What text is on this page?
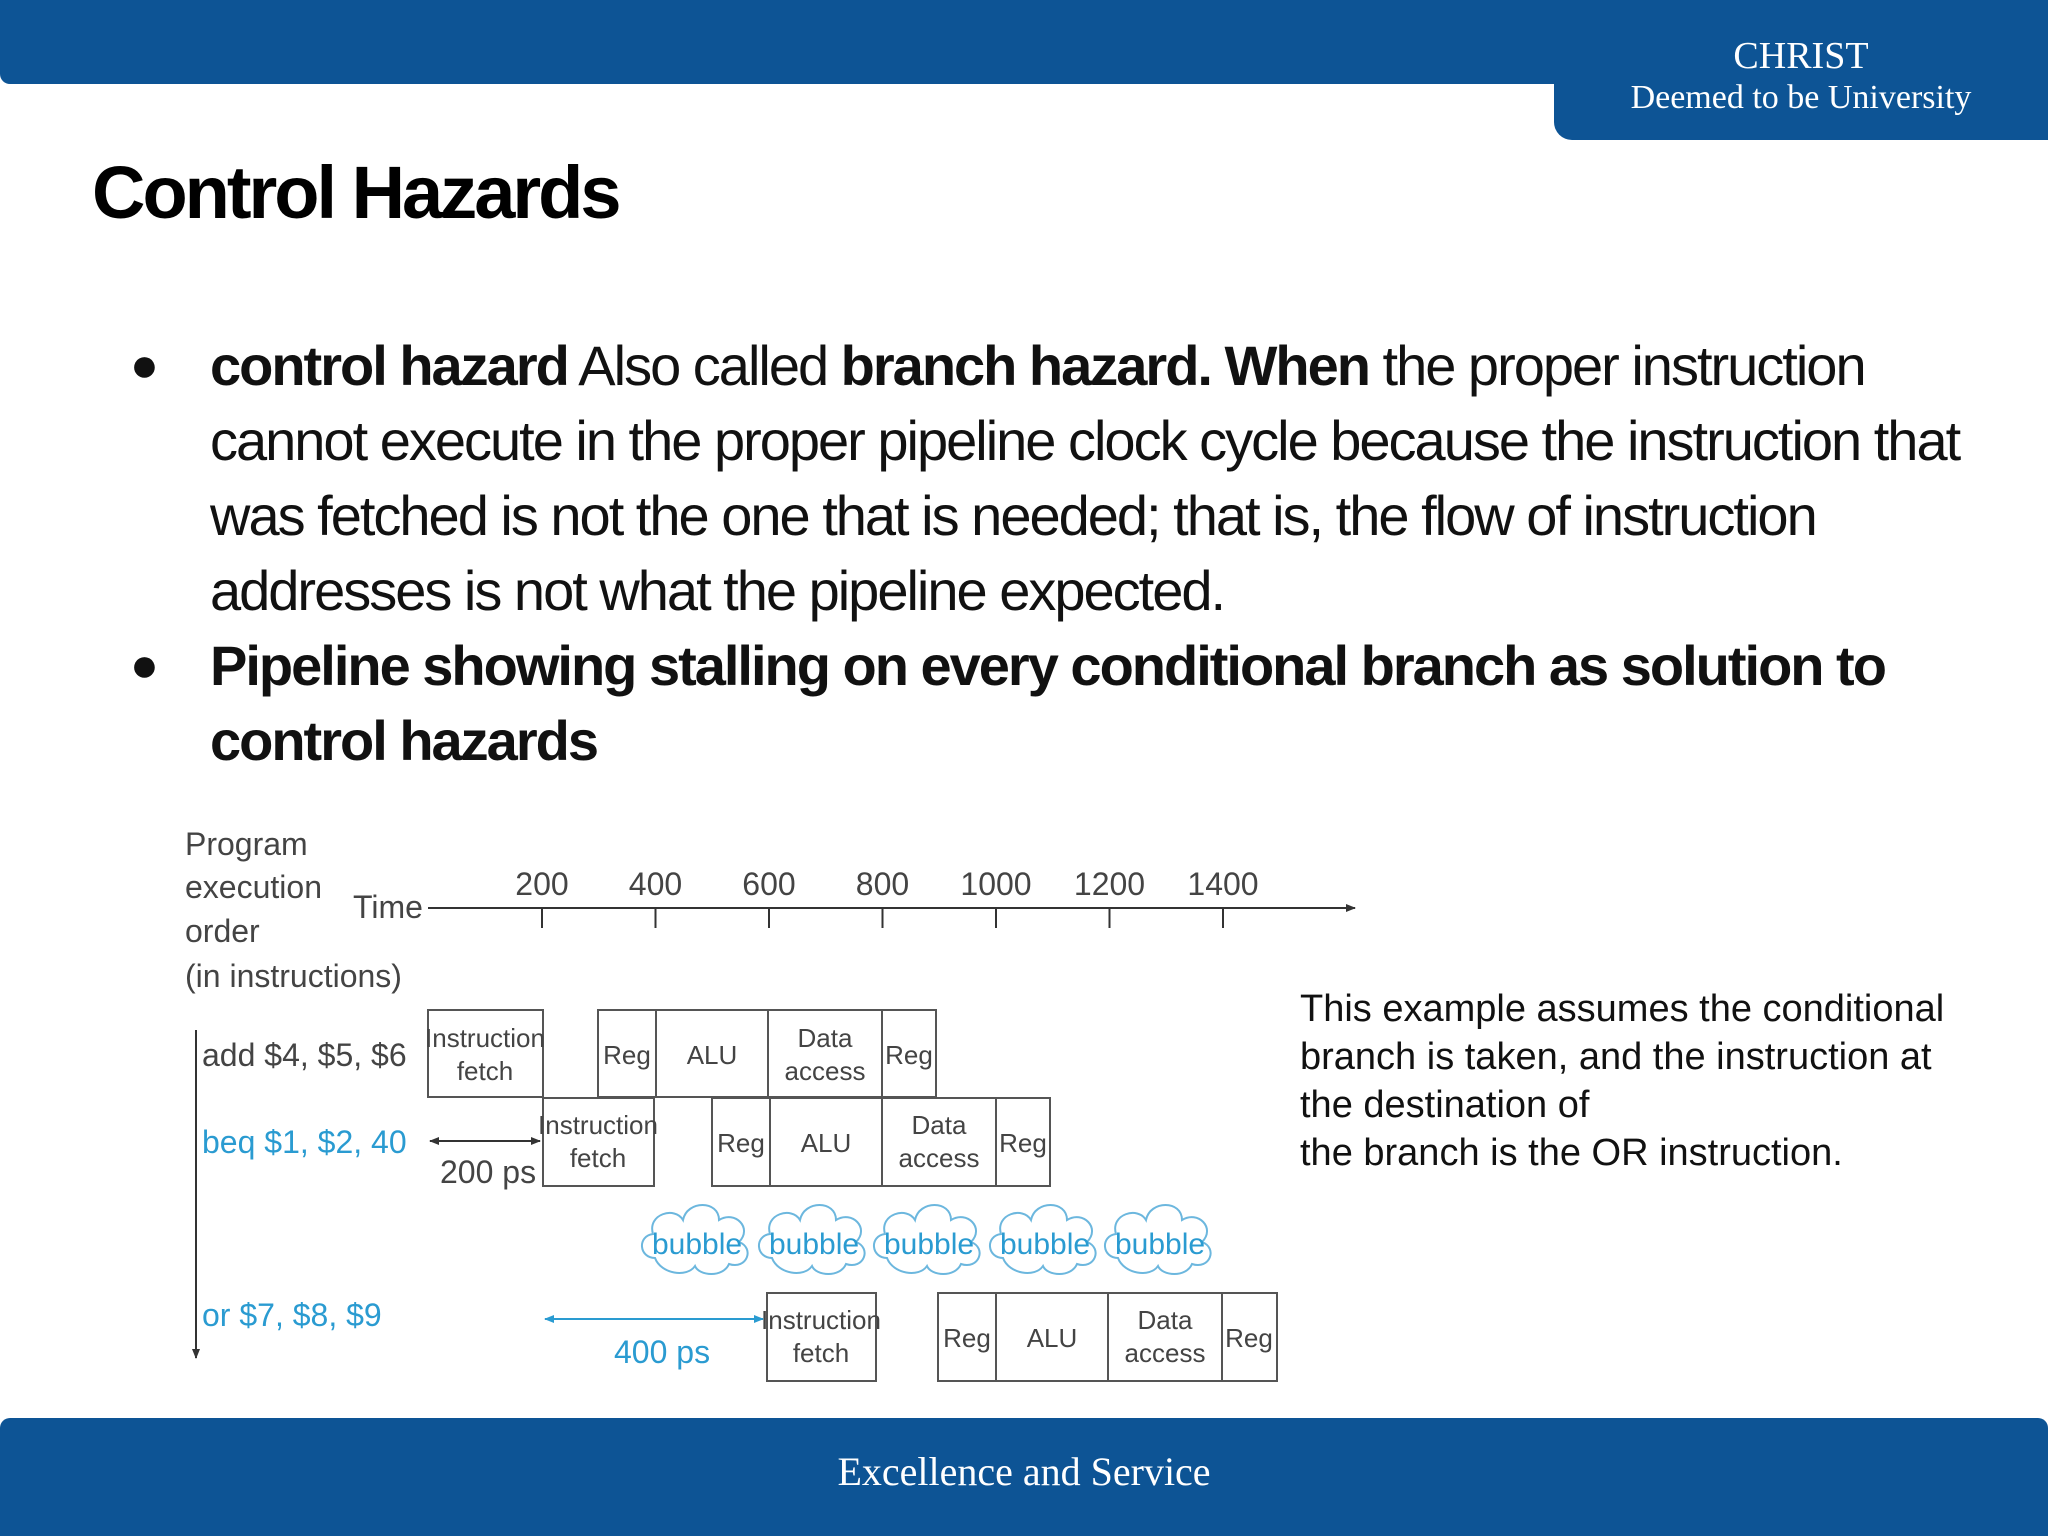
CHRIST
Deemed to be University
Control Hazards
● control hazard Also called branch hazard. When the proper instruction cannot execute in the proper pipeline clock cycle because the instruction that was fetched is not the one that is needed; that is, the flow of instruction addresses is not what the pipeline expected.
● Pipeline showing stalling on every conditional branch as solution to control hazards
Program
execution
order
(in instructions)
Time
200 400 600 800 1000 1200 1400
add $4, $5, $6
beq $1, $2, 40
or $7, $8, $9
Instruction
fetch
Reg ALU
Data
access
Reg
Instruction
fetch	Reg ALU
Data
access Reg
200 ps
bubble bubble bubble bubble bubble
Instruction
fetch	Reg ALU
Data
access Reg
400 ps
This example assumes the conditional
branch is taken, and the instruction at
the destination of
the branch is the OR instruction.
Excellence and Service
